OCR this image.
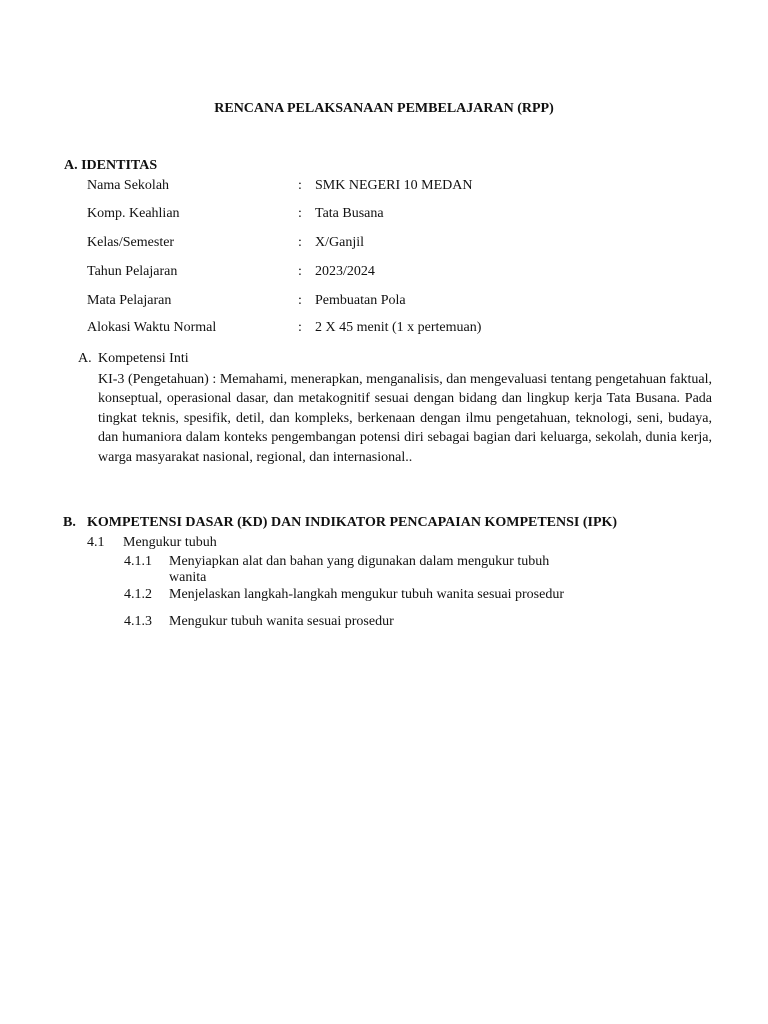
RENCANA PELAKSANAAN PEMBELAJARAN (RPP)
A. IDENTITAS
Nama Sekolah	: SMK NEGERI 10 MEDAN
Komp. Keahlian	: Tata Busana
Kelas/Semester	: X/Ganjil
Tahun Pelajaran	: 2023/2024
Mata Pelajaran	: Pembuatan Pola
Alokasi Waktu Normal	: 2 X 45 menit (1 x pertemuan)
A. Kompetensi Inti
KI-3 (Pengetahuan) : Memahami, menerapkan, menganalisis, dan mengevaluasi tentang pengetahuan faktual, konseptual, operasional dasar, dan metakognitif sesuai dengan bidang dan lingkup kerja Tata Busana. Pada tingkat teknis, spesifik, detil, dan kompleks, berkenaan dengan ilmu pengetahuan, teknologi, seni, budaya, dan humaniora dalam konteks pengembangan potensi diri sebagai bagian dari keluarga, sekolah, dunia kerja, warga masyarakat nasional, regional, dan internasional..
B. KOMPETENSI DASAR (KD) DAN INDIKATOR PENCAPAIAN KOMPETENSI (IPK)
4.1 Mengukur tubuh
4.1.1 Menyiapkan alat dan bahan yang digunakan dalam mengukur tubuh
wanita
4.1.2 Menjelaskan langkah-langkah mengukur tubuh wanita sesuai prosedur
4.1.3 Mengukur tubuh wanita sesuai prosedur
